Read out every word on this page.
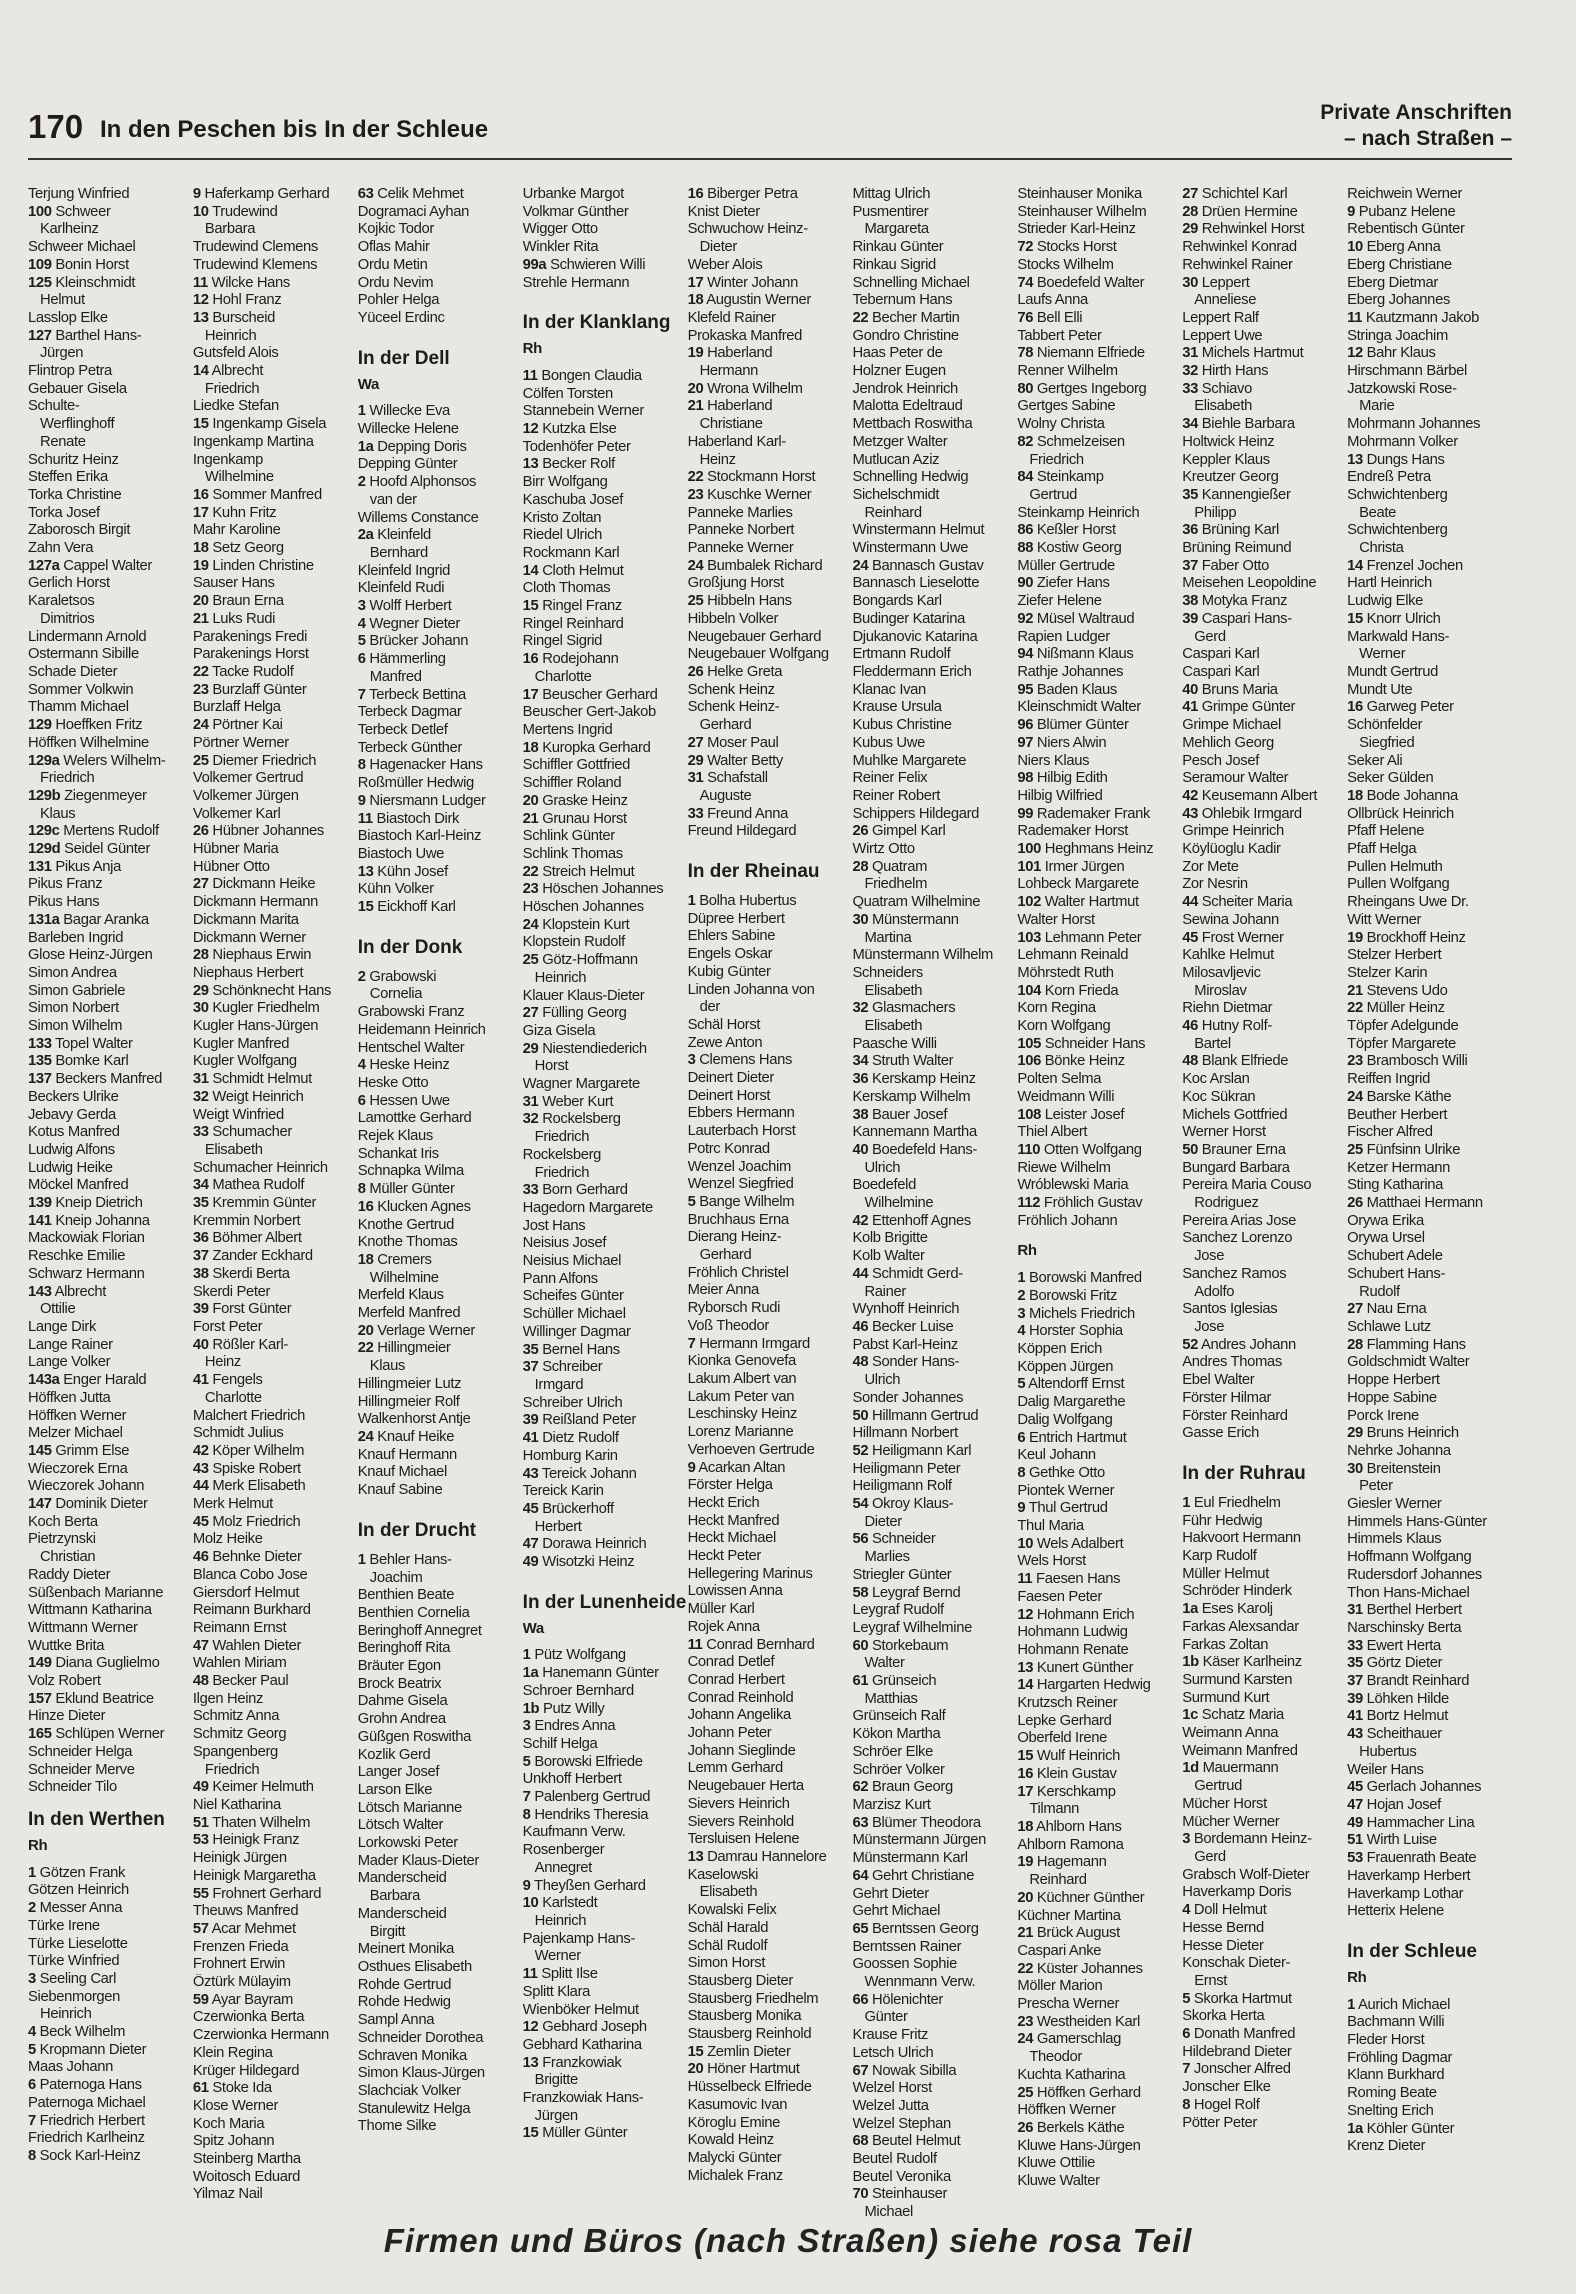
170 In den Peschen bis In der Schleue
Private Anschriften
– nach Straßen –
Terjung Winfried
100 Schweer
Karlheinz
Schweer Michael
109 Bonin Horst
125 Kleinschmidt
Helmut
Lasslop Elke
127 Barthel Hans-
Jürgen
Flintrop Petra
Gebauer Gisela
Schulte-
Werflinghoff
Renate
Schuritz Heinz
Steffen Erika
Torka Christine
Torka Josef
Zaborosch Birgit
Zahn Vera
127a Cappel Walter
Gerlich Horst
Karaletsos
Dimitrios
Lindermann Arnold
Ostermann Sibille
Schade Dieter
Sommer Volkwin
Thamm Michael
129 Hoeffken Fritz
Höffken Wilhelmine
129a Welers Wilhelm-
Friedrich
129b Ziegenmeyer
Klaus
129c Mertens Rudolf
129d Seidel Günter
131 Pikus Anja
Pikus Franz
Pikus Hans
131a Bagar Aranka
Barleben Ingrid
Glose Heinz-Jürgen
Simon Andrea
Simon Gabriele
Simon Norbert
Simon Wilhelm
133 Topel Walter
135 Bomke Karl
137 Beckers Manfred
Beckers Ulrike
Jebavy Gerda
Kotus Manfred
Ludwig Alfons
Ludwig Heike
Möckel Manfred
139 Kneip Dietrich
141 Kneip Johanna
Mackowiak Florian
Reschke Emilie
Schwarz Hermann
143 Albrecht
Ottilie
Lange Dirk
Lange Rainer
Lange Volker
143a Enger Harald
Höffken Jutta
Höffken Werner
Melzer Michael
145 Grimm Else
Wieczorek Erna
Wieczorek Johann
147 Dominik Dieter
Koch Berta
Pietrzynski
Christian
Raddy Dieter
Süßenbach Marianne
Wittmann Katharina
Wittmann Werner
Wuttke Brita
149 Diana Guglielmo
Volz Robert
157 Eklund Beatrice
Hinze Dieter
165 Schlüpen Werner
Schneider Helga
Schneider Merve
Schneider Tilo
In den Werthen
Rh
1 Götzen Frank
Götzen Heinrich
2 Messer Anna
Türke Irene
Türke Lieselotte
Türke Winfried
3 Seeling Carl
Siebenmorgen
Heinrich
4 Beck Wilhelm
5 Kropmann Dieter
Maas Johann
6 Paternoga Hans
Paternoga Michael
7 Friedrich Herbert
Friedrich Karlheinz
8 Sock Karl-Heinz
9 Haferkamp Gerhard
10 Trudewind
Barbara
Trudewind Clemens
Trudewind Klemens
11 Wilcke Hans
12 Hohl Franz
13 Burscheid
Heinrich
Gutsfeld Alois
14 Albrecht
Friedrich
Liedke Stefan
15 Ingenkamp Gisela
Ingenkamp Martina
Ingenkamp
Wilhelmine
16 Sommer Manfred
17 Kuhn Fritz
Mahr Karoline
18 Setz Georg
19 Linden Christine
Sauser Hans
20 Braun Erna
21 Luks Rudi
Parakenings Fredi
Parakenings Horst
22 Tacke Rudolf
23 Burzlaff Günter
Burzlaff Helga
24 Pörtner Kai
Pörtner Werner
25 Diemer Friedrich
Volkemer Gertrud
Volkemer Jürgen
Volkemer Karl
26 Hübner Johannes
Hübner Maria
Hübner Otto
27 Dickmann Heike
Dickmann Hermann
Dickmann Marita
Dickmann Werner
28 Niephaus Erwin
Niephaus Herbert
29 Schönknecht Hans
30 Kugler Friedhelm
Kugler Hans-Jürgen
Kugler Manfred
Kugler Wolfgang
31 Schmidt Helmut
32 Weigt Heinrich
Weigt Winfried
33 Schumacher
Elisabeth
Schumacher Heinrich
34 Mathea Rudolf
35 Kremmin Günter
Kremmin Norbert
36 Böhmer Albert
37 Zander Eckhard
38 Skerdi Berta
Skerdi Peter
39 Forst Günter
Forst Peter
40 Rößler Karl-
Heinz
41 Fengels
Charlotte
Malchert Friedrich
Schmidt Julius
42 Köper Wilhelm
43 Spiske Robert
44 Merk Elisabeth
Merk Helmut
45 Molz Friedrich
Molz Heike
46 Behnke Dieter
Blanca Cobo Jose
Giersdorf Helmut
Reimann Burkhard
Reimann Ernst
47 Wahlen Dieter
Wahlen Miriam
48 Becker Paul
Ilgen Heinz
Schmitz Anna
Schmitz Georg
Spangenberg
Friedrich
49 Keimer Helmuth
Niel Katharina
51 Thaten Wilhelm
53 Heinigk Franz
Heinigk Jürgen
Heinigk Margaretha
55 Frohnert Gerhard
Theuws Manfred
57 Acar Mehmet
Frenzen Frieda
Frohnert Erwin
Öztürk Mülayim
59 Ayar Bayram
Czerwionka Berta
Czerwionka Hermann
Klein Regina
Krüger Hildegard
61 Stoke Ida
Klose Werner
Koch Maria
Spitz Johann
Steinberg Martha
Woitosch Eduard
Yilmaz Nail
63 Celik Mehmet
Dogramaci Ayhan
Kojkic Todor
Oflas Mahir
Ordu Metin
Ordu Nevim
Pohler Helga
Yüceel Erdinc
In der Dell
Wa
1 Willecke Eva
Willecke Helene
1a Depping Doris
Depping Günter
2 Hoofd Alphonsos
van der
Willems Constance
2a Kleinfeld
Bernhard
Kleinfeld Ingrid
Kleinfeld Rudi
3 Wolff Herbert
4 Wegner Dieter
5 Brücker Johann
6 Hämmerling
Manfred
7 Terbeck Bettina
Terbeck Dagmar
Terbeck Detlef
Terbeck Günther
8 Hagenacker Hans
Roßmüller Hedwig
9 Niersmann Ludger
11 Biastoch Dirk
Biastoch Karl-Heinz
Biastoch Uwe
13 Kühn Josef
Kühn Volker
15 Eickhoff Karl
In der Donk
2 Grabowski
Cornelia
Grabowski Franz
Heidemann Heinrich
Hentschel Walter
4 Heske Heinz
Heske Otto
6 Hessen Uwe
Lamottke Gerhard
Rejek Klaus
Schankat Iris
Schnapka Wilma
8 Müller Günter
16 Klucken Agnes
Knothe Gertrud
Knothe Thomas
18 Cremers
Wilhelmine
Merfeld Klaus
Merfeld Manfred
20 Verlage Werner
22 Hillingmeier
Klaus
Hillingmeier Lutz
Hillingmeier Rolf
Walkenhorst Antje
24 Knauf Heike
Knauf Hermann
Knauf Michael
Knauf Sabine
In der Drucht
1 Behler Hans-
Joachim
Benthien Beate
Benthien Cornelia
Beringhoff Annegret
Beringhoff Rita
Bräuter Egon
Brock Beatrix
Dahme Gisela
Grohn Andrea
Güßgen Roswitha
Kozlik Gerd
Langer Josef
Larson Elke
Lötsch Marianne
Lötsch Walter
Lorkowski Peter
Mader Klaus-Dieter
Manderscheid
Barbara
Manderscheid
Birgitt
Meinert Monika
Osthues Elisabeth
Rohde Gertrud
Rohde Hedwig
Sampl Anna
Schneider Dorothea
Schraven Monika
Simon Klaus-Jürgen
Slachciak Volker
Stanulewitz Helga
Thome Silke
Urbanke Margot
Volkmar Günther
Wigger Otto
Winkler Rita
99a Schwieren Willi
Strehle Hermann
In der Klanklang
Rh
11 Bongen Claudia
Cölfen Torsten
Stannebein Werner
12 Kutzka Else
Todenhöfer Peter
13 Becker Rolf
Birr Wolfgang
Kaschuba Josef
Kristo Zoltan
Riedel Ulrich
Rockmann Karl
14 Cloth Helmut
Cloth Thomas
15 Ringel Franz
Ringel Reinhard
Ringel Sigrid
16 Rodejohann
Charlotte
17 Beuscher Gerhard
Beuscher Gert-Jakob
Mertens Ingrid
18 Kuropka Gerhard
Schiffler Gottfried
Schiffler Roland
20 Graske Heinz
21 Grunau Horst
Schlink Günter
Schlink Thomas
22 Streich Helmut
23 Höschen Johannes
Höschen Johannes
24 Klopstein Kurt
Klopstein Rudolf
25 Götz-Hoffmann
Heinrich
Klauer Klaus-Dieter
27 Fülling Georg
Giza Gisela
29 Niestendiederich
Horst
Wagner Margarete
31 Weber Kurt
32 Rockelsberg
Friedrich
Rockelsberg
Friedrich
33 Born Gerhard
Hagedorn Margarete
Jost Hans
Neisius Josef
Neisius Michael
Pann Alfons
Scheifes Günter
Schüller Michael
Willinger Dagmar
35 Bernel Hans
37 Schreiber
Irmgard
Schreiber Ulrich
39 Reißland Peter
41 Dietz Rudolf
Homburg Karin
43 Tereick Johann
Tereick Karin
45 Brückerhoff
Herbert
47 Dorawa Heinrich
49 Wisotzki Heinz
In der Lunenheide
Wa
1 Pütz Wolfgang
1a Hanemann Günter
Schroer Bernhard
1b Putz Willy
3 Endres Anna
Schilf Helga
5 Borowski Elfriede
Unkhoff Herbert
7 Palenberg Gertrud
8 Hendriks Theresia
Kaufmann Verw.
Rosenberger
Annegret
9 Theyßen Gerhard
10 Karlstedt
Heinrich
Pajenkamp Hans-
Werner
11 Splitt Ilse
Splitt Klara
Wienböker Helmut
12 Gebhard Joseph
Gebhard Katharina
13 Franzkowiak
Brigitte
Franzkowiak Hans-
Jürgen
15 Müller Günter
16 Biberger Petra
Knist Dieter
Schwuchow Heinz-
Dieter
Weber Alois
17 Winter Johann
18 Augustin Werner
Klefeld Rainer
Prokaska Manfred
19 Haberland
Hermann
20 Wrona Wilhelm
21 Haberland
Christiane
Haberland Karl-
Heinz
22 Stockmann Horst
23 Kuschke Werner
Panneke Marlies
Panneke Norbert
Panneke Werner
24 Bumbalek Richard
Großjung Horst
25 Hibbeln Hans
Hibbeln Volker
Neugebauer Gerhard
Neugebauer Wolfgang
26 Helke Greta
Schenk Heinz
Schenk Heinz-
Gerhard
27 Moser Paul
29 Walter Betty
31 Schafstall
Auguste
33 Freund Anna
Freund Hildegard
In der Rheinau
1 Bolha Hubertus
Düpree Herbert
Ehlers Sabine
Engels Oskar
Kubig Günter
Linden Johanna von
der
Schäl Horst
Zewe Anton
3 Clemens Hans
Deinert Dieter
Deinert Horst
Ebbers Hermann
Lauterbach Horst
Potrc Konrad
Wenzel Joachim
Wenzel Siegfried
5 Bange Wilhelm
Bruchhaus Erna
Dierang Heinz-
Gerhard
Fröhlich Christel
Meier Anna
Ryborsch Rudi
Voß Theodor
7 Hermann Irmgard
Kionka Genovefa
Lakum Albert van
Lakum Peter van
Leschinsky Heinz
Lorenz Marianne
Verhoeven Gertrude
9 Acarkan Altan
Förster Helga
Heckt Erich
Heckt Manfred
Heckt Michael
Heckt Peter
Hellegering Marinus
Lowissen Anna
Müller Karl
Rojek Anna
11 Conrad Bernhard
Conrad Detlef
Conrad Herbert
Conrad Reinhold
Johann Angelika
Johann Peter
Johann Sieglinde
Lemm Gerhard
Neugebauer Herta
Sievers Heinrich
Sievers Reinhold
Tersluisen Helene
13 Damrau Hannelore
Kaselowski
Elisabeth
Kowalski Felix
Schäl Harald
Schäl Rudolf
Simon Horst
Stausberg Dieter
Stausberg Friedhelm
Stausberg Monika
Stausberg Reinhold
15 Zemlin Dieter
20 Höner Hartmut
Hüsselbeck Elfriede
Kasumovic Ivan
Köroglu Emine
Kowald Heinz
Malycki Günter
Michalek Franz
Mittag Ulrich
Pusmentirer
Margareta
Rinkau Günter
Rinkau Sigrid
Schnelling Michael
Tebernum Hans
22 Becher Martin
Gondro Christine
Haas Peter de
Holzner Eugen
Jendrok Heinrich
Malotta Edeltraud
Mettbach Roswitha
Metzger Walter
Mutlucan Aziz
Schnelling Hedwig
Sichelschmidt
Reinhard
Winstermann Helmut
Winstermann Uwe
24 Bannasch Gustav
Bannasch Lieselotte
Bongards Karl
Budinger Katarina
Djukanovic Katarina
Ertmann Rudolf
Fleddermann Erich
Klanac Ivan
Krause Ursula
Kubus Christine
Kubus Uwe
Muhlke Margarete
Reiner Felix
Reiner Robert
Schippers Hildegard
26 Gimpel Karl
Wirtz Otto
28 Quatram
Friedhelm
Quatram Wilhelmine
30 Münstermann
Martina
Münstermann Wilhelm
Schneiders
Elisabeth
32 Glasmachers
Elisabeth
Paasche Willi
34 Struth Walter
36 Kerskamp Heinz
Kerskamp Wilhelm
38 Bauer Josef
Kannemann Martha
40 Boedefeld Hans-
Ulrich
Boedefeld
Wilhelmine
42 Ettenhoff Agnes
Kolb Brigitte
Kolb Walter
44 Schmidt Gerd-
Rainer
Wynhoff Heinrich
46 Becker Luise
Pabst Karl-Heinz
48 Sonder Hans-
Ulrich
Sonder Johannes
50 Hillmann Gertrud
Hillmann Norbert
52 Heiligmann Karl
Heiligmann Peter
Heiligmann Rolf
54 Okroy Klaus-
Dieter
56 Schneider
Marlies
Striegler Günter
58 Leygraf Bernd
Leygraf Rudolf
Leygraf Wilhelmine
60 Storkebaum
Walter
61 Grünseich
Matthias
Grünseich Ralf
Kökon Martha
Schröer Elke
Schröer Volker
62 Braun Georg
Marzisz Kurt
63 Blümer Theodora
Münstermann Jürgen
Münstermann Karl
64 Gehrt Christiane
Gehrt Dieter
Gehrt Michael
65 Berntssen Georg
Berntssen Rainer
Goossen Sophie
Wennmann Verw.
66 Hölenichter
Günter
Krause Fritz
Letsch Ulrich
67 Nowak Sibilla
Welzel Horst
Welzel Jutta
Welzel Stephan
68 Beutel Helmut
Beutel Rudolf
Beutel Veronika
70 Steinhauser
Michael
Steinhauser Monika
Steinhauser Wilhelm
Strieder Karl-Heinz
72 Stocks Horst
Stocks Wilhelm
74 Boedefeld Walter
Laufs Anna
76 Bell Elli
Tabbert Peter
78 Niemann Elfriede
Renner Wilhelm
80 Gertges Ingeborg
Gertges Sabine
Wolny Christa
82 Schmelzeisen
Friedrich
84 Steinkamp
Gertrud
Steinkamp Heinrich
86 Keßler Horst
88 Kostiw Georg
Müller Gertrude
90 Ziefer Hans
Ziefer Helene
92 Müsel Waltraud
Rapien Ludger
94 Nißmann Klaus
Rathje Johannes
95 Baden Klaus
Kleinschmidt Walter
96 Blümer Günter
97 Niers Alwin
Niers Klaus
98 Hilbig Edith
Hilbig Wilfried
99 Rademaker Frank
Rademaker Horst
100 Heghmans Heinz
101 Irmer Jürgen
Lohbeck Margarete
102 Walter Hartmut
Walter Horst
103 Lehmann Peter
Lehmann Reinald
Möhrstedt Ruth
104 Korn Frieda
Korn Regina
Korn Wolfgang
105 Schneider Hans
106 Bönke Heinz
Polten Selma
Weidmann Willi
108 Leister Josef
Thiel Albert
110 Otten Wolfgang
Riewe Wilhelm
Wróblewski Maria
112 Fröhlich Gustav
Fröhlich Johann
Rh
1 Borowski Manfred
2 Borowski Fritz
3 Michels Friedrich
4 Horster Sophia
Köppen Erich
Köppen Jürgen
5 Altendorff Ernst
Dalig Margarethe
Dalig Wolfgang
6 Entrich Hartmut
Keul Johann
8 Gethke Otto
Piontek Werner
9 Thul Gertrud
Thul Maria
10 Wels Adalbert
Wels Horst
11 Faesen Hans
Faesen Peter
12 Hohmann Erich
Hohmann Ludwig
Hohmann Renate
13 Kunert Günther
14 Hargarten Hedwig
Krutzsch Reiner
Lepke Gerhard
Oberfeld Irene
15 Wulf Heinrich
16 Klein Gustav
17 Kerschkamp
Tilmann
18 Ahlborn Hans
Ahlborn Ramona
19 Hagemann
Reinhard
20 Küchner Günther
Küchner Martina
21 Brück August
Caspari Anke
22 Küster Johannes
Möller Marion
Prescha Werner
23 Westheiden Karl
24 Gamerschlag
Theodor
Kuchta Katharina
25 Höffken Gerhard
Höffken Werner
26 Berkels Käthe
Kluwe Hans-Jürgen
Kluwe Ottilie
Kluwe Walter
27 Schichtel Karl
28 Drüen Hermine
29 Rehwinkel Horst
Rehwinkel Konrad
Rehwinkel Rainer
30 Leppert
Anneliese
Leppert Ralf
Leppert Uwe
31 Michels Hartmut
32 Hirth Hans
33 Schiavo
Elisabeth
34 Biehle Barbara
Holtwick Heinz
Keppler Klaus
Kreutzer Georg
35 Kannengießer
Philipp
36 Brüning Karl
Brüning Reimund
37 Faber Otto
Meisehen Leopoldine
38 Motyka Franz
39 Caspari Hans-
Gerd
Caspari Karl
Caspari Karl
40 Bruns Maria
41 Grimpe Günter
Grimpe Michael
Mehlich Georg
Pesch Josef
Seramour Walter
42 Keusemann Albert
43 Ohlebik Irmgard
Grimpe Heinrich
Köylüoglu Kadir
Zor Mete
Zor Nesrin
44 Scheiter Maria
Sewina Johann
45 Frost Werner
Kahlke Helmut
Milosavljevic
Miroslav
Riehn Dietmar
46 Hutny Rolf-
Bartel
48 Blank Elfriede
Koc Arslan
Koc Sükran
Michels Gottfried
Werner Horst
50 Brauner Erna
Bungard Barbara
Pereira Maria Couso
Rodriguez
Pereira Arias Jose
Sanchez Lorenzo
Jose
Sanchez Ramos
Adolfo
Santos Iglesias
Jose
52 Andres Johann
Andres Thomas
Ebel Walter
Förster Hilmar
Förster Reinhard
Gasse Erich
In der Ruhrau
1 Eul Friedhelm
Führ Hedwig
Hakvoort Hermann
Karp Rudolf
Müller Helmut
Schröder Hinderk
1a Eses Karolj
Farkas Alexsandar
Farkas Zoltan
1b Käser Karlheinz
Surmund Karsten
Surmund Kurt
1c Schatz Maria
Weimann Anna
Weimann Manfred
1d Mauermann
Gertrud
Mücher Horst
Mücher Werner
3 Bordemann Heinz-
Gerd
Grabsch Wolf-Dieter
Haverkamp Doris
4 Doll Helmut
Hesse Bernd
Hesse Dieter
Konschak Dieter-
Ernst
5 Skorka Hartmut
Skorka Herta
6 Donath Manfred
Hildebrand Dieter
7 Jonscher Alfred
Jonscher Elke
8 Hogel Rolf
Pötter Peter
Reichwein Werner
9 Pubanz Helene
Rebentisch Günter
10 Eberg Anna
Eberg Christiane
Eberg Dietmar
Eberg Johannes
11 Kautzmann Jakob
Stringa Joachim
12 Bahr Klaus
Hirschmann Bärbel
Jatzkowski Rose-
Marie
Mohrmann Johannes
Mohrmann Volker
13 Dungs Hans
Endreß Petra
Schwichtenberg
Beate
Schwichtenberg
Christa
14 Frenzel Jochen
Hartl Heinrich
Ludwig Elke
15 Knorr Ulrich
Markwald Hans-
Werner
Mundt Gertrud
Mundt Ute
16 Garweg Peter
Schönfelder
Siegfried
Seker Ali
Seker Gülden
18 Bode Johanna
Ollbrück Heinrich
Pfaff Helene
Pfaff Helga
Pullen Helmuth
Pullen Wolfgang
Rheingans Uwe Dr.
Witt Werner
19 Brockhoff Heinz
Stelzer Herbert
Stelzer Karin
21 Stevens Udo
22 Müller Heinz
Töpfer Adelgunde
Töpfer Margarete
23 Brambosch Willi
Reiffen Ingrid
24 Barske Käthe
Beuther Herbert
Fischer Alfred
25 Fünfsinn Ulrike
Ketzer Hermann
Sting Katharina
26 Matthaei Hermann
Orywa Erika
Orywa Ursel
Schubert Adele
Schubert Hans-
Rudolf
27 Nau Erna
Schlawe Lutz
28 Flamming Hans
Goldschmidt Walter
Hoppe Herbert
Hoppe Sabine
Porck Irene
29 Bruns Heinrich
Nehrke Johanna
30 Breitenstein
Peter
Giesler Werner
Himmels Hans-Günter
Himmels Klaus
Hoffmann Wolfgang
Rudersdorf Johannes
Thon Hans-Michael
31 Berthel Herbert
Narschinsky Berta
33 Ewert Herta
35 Görtz Dieter
37 Brandt Reinhard
39 Löhken Hilde
41 Bortz Helmut
43 Scheithauer
Hubertus
Weiler Hans
45 Gerlach Johannes
47 Hojan Josef
49 Hammacher Lina
51 Wirth Luise
53 Frauenrath Beate
Haverkamp Herbert
Haverkamp Lothar
Hetterix Helene
In der Schleue
Rh
1 Aurich Michael
Bachmann Willi
Fleder Horst
Fröhling Dagmar
Klann Burkhard
Roming Beate
Snelting Erich
1a Köhler Günter
Krenz Dieter
Firmen und Büros (nach Straßen) siehe rosa Teil
